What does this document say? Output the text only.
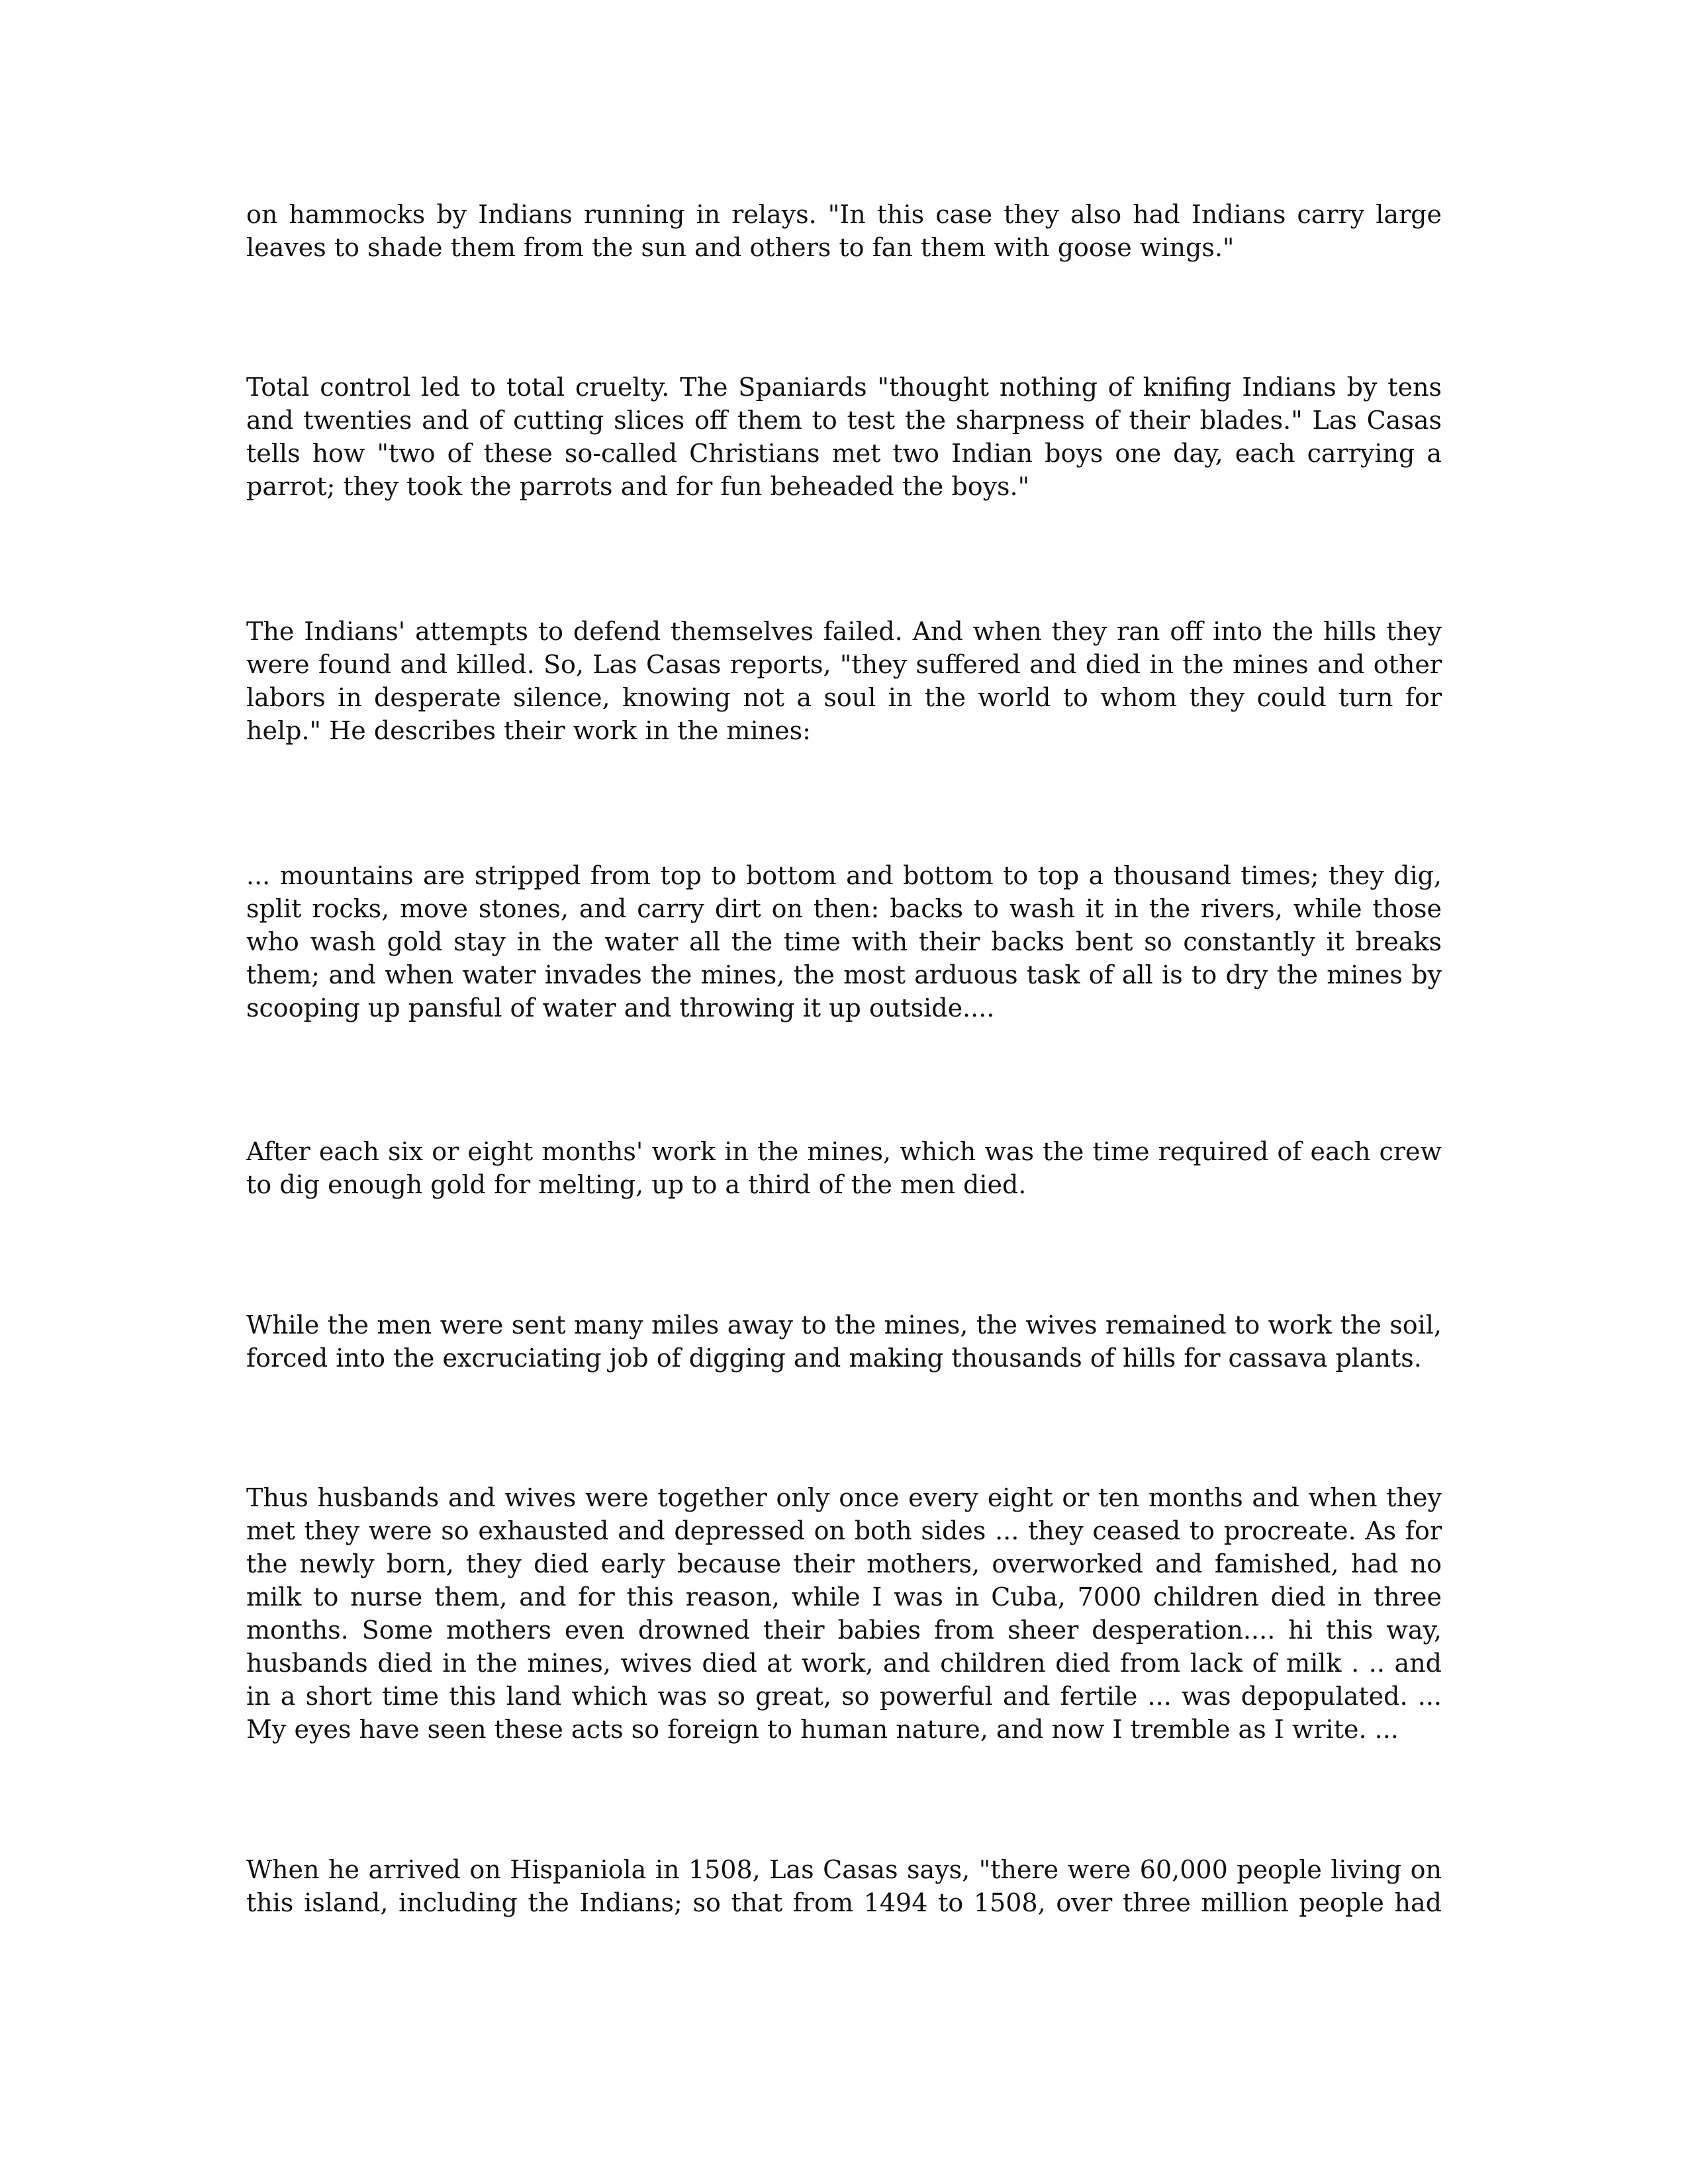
on hammocks by Indians running in relays. "In this case they also had Indians carry large
leaves to shade them from the sun and others to fan them with goose wings."
Total control led to total cruelty. The Spaniards "thought nothing of knifing Indians by tens
and twenties and of cutting slices off them to test the sharpness of their blades." Las Casas
tells how "two of these so-called Christians met two Indian boys one day, each carrying a
parrot; they took the parrots and for fun beheaded the boys."
The Indians' attempts to defend themselves failed. And when they ran off into the hills they
were found and killed. So, Las Casas reports, "they suffered and died in the mines and other
labors in desperate silence, knowing not a soul in the world to whom they could turn for
help." He describes their work in the mines:
... mountains are stripped from top to bottom and bottom to top a thousand times; they dig,
split rocks, move stones, and carry dirt on then: backs to wash it in the rivers, while those
who wash gold stay in the water all the time with their backs bent so constantly it breaks
them; and when water invades the mines, the most arduous task of all is to dry the mines by
scooping up pansful of water and throwing it up outside....
After each six or eight months' work in the mines, which was the time required of each crew
to dig enough gold for melting, up to a third of the men died.
While the men were sent many miles away to the mines, the wives remained to work the soil,
forced into the excruciating job of digging and making thousands of hills for cassava plants.
Thus husbands and wives were together only once every eight or ten months and when they
met they were so exhausted and depressed on both sides ... they ceased to procreate. As for
the newly born, they died early because their mothers, overworked and famished, had no
milk to nurse them, and for this reason, while I was in Cuba, 7000 children died in three
months. Some mothers even drowned their babies from sheer desperation.... hi this way,
husbands died in the mines, wives died at work, and children died from lack of milk . .. and
in a short time this land which was so great, so powerful and fertile ... was depopulated. ...
My eyes have seen these acts so foreign to human nature, and now I tremble as I write. ...
When he arrived on Hispaniola in 1508, Las Casas says, "there were 60,000 people living on
this island, including the Indians; so that from 1494 to 1508, over three million people had
